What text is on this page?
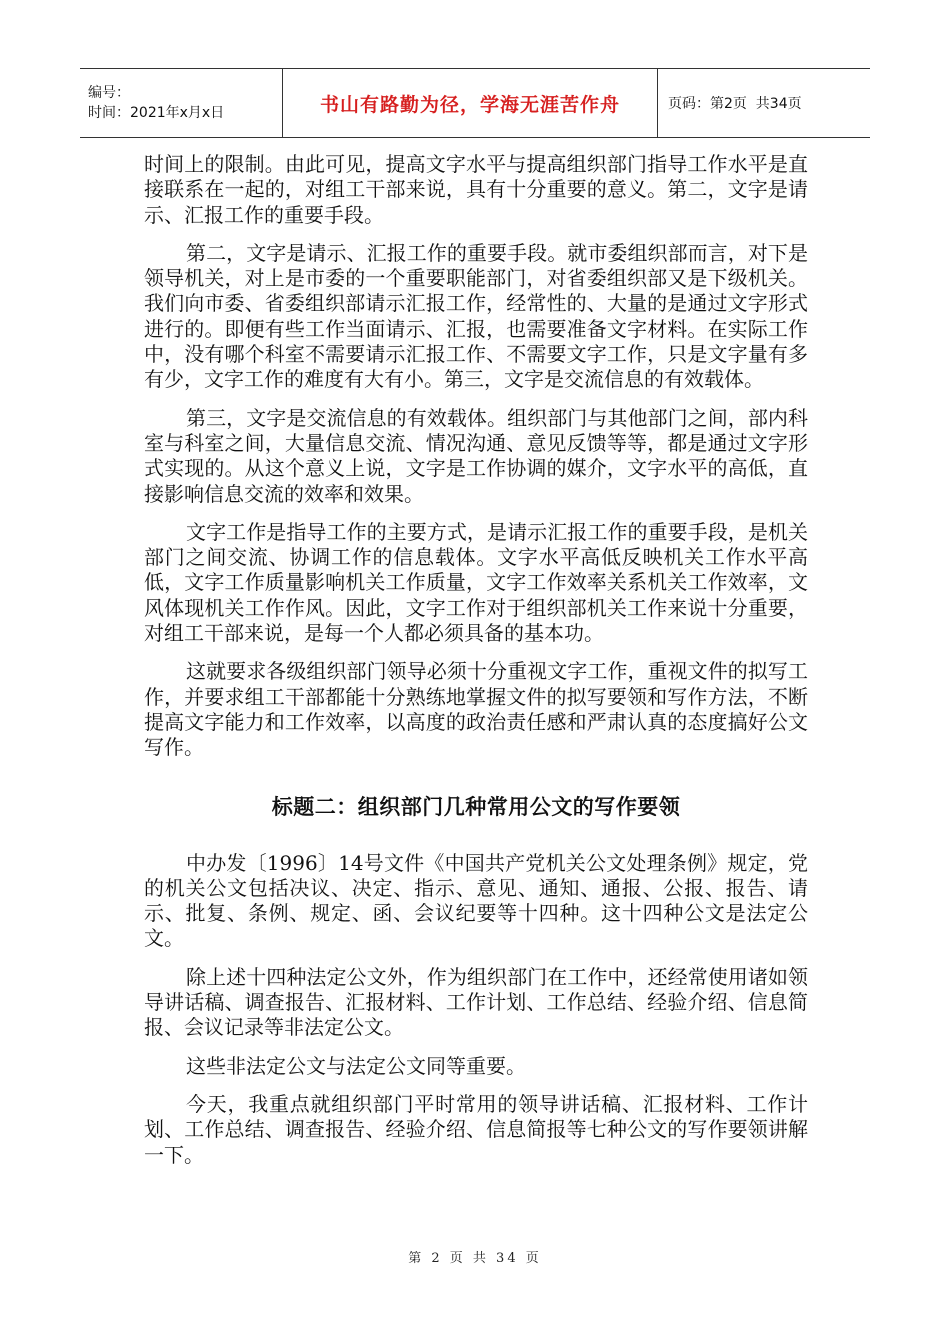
编号：
时间：2021年x月x日	书山有路勤为径，学海无涯苦作舟	页码：第2页  共34页

时间上的限制。由此可见，提高文字水平与提高组织部门指导工作水平是直接联系在一起的，对组工干部来说，具有十分重要的意义。第二，文字是请示、汇报工作的重要手段。

第二，文字是请示、汇报工作的重要手段。就市委组织部而言，对下是领导机关，对上是市委的一个重要职能部门，对省委组织部又是下级机关。我们向市委、省委组织部请示汇报工作，经常性的、大量的是通过文字形式进行的。即便有些工作当面请示、汇报，也需要准备文字材料。在实际工作中，没有哪个科室不需要请示汇报工作、不需要文字工作，只是文字量有多有少，文字工作的难度有大有小。第三，文字是交流信息的有效载体。

第三，文字是交流信息的有效载体。组织部门与其他部门之间，部内科室与科室之间，大量信息交流、情况沟通、意见反馈等等，都是通过文字形式实现的。从这个意义上说，文字是工作协调的媒介，文字水平的高低，直接影响信息交流的效率和效果。

文字工作是指导工作的主要方式，是请示汇报工作的重要手段，是机关部门之间交流、协调工作的信息载体。文字水平高低反映机关工作水平高低，文字工作质量影响机关工作质量，文字工作效率关系机关工作效率，文风体现机关工作作风。因此，文字工作对于组织部机关工作来说十分重要，对组工干部来说，是每一个人都必须具备的基本功。

这就要求各级组织部门领导必须十分重视文字工作，重视文件的拟写工作，并要求组工干部都能十分熟练地掌握文件的拟写要领和写作方法，不断提高文字能力和工作效率，以高度的政治责任感和严肃认真的态度搞好公文写作。

标题二：组织部门几种常用公文的写作要领

中办发〔1996〕14号文件《中国共产党机关公文处理条例》规定，党的机关公文包括决议、决定、指示、意见、通知、通报、公报、报告、请示、批复、条例、规定、函、会议纪要等十四种。这十四种公文是法定公文。

除上述十四种法定公文外，作为组织部门在工作中，还经常使用诸如领导讲话稿、调查报告、汇报材料、工作计划、工作总结、经验介绍、信息简报、会议记录等非法定公文。

这些非法定公文与法定公文同等重要。

今天，我重点就组织部门平时常用的领导讲话稿、汇报材料、工作计划、工作总结、调查报告、经验介绍、信息简报等七种公文的写作要领讲解一下。

第 2 页 共 34 页
